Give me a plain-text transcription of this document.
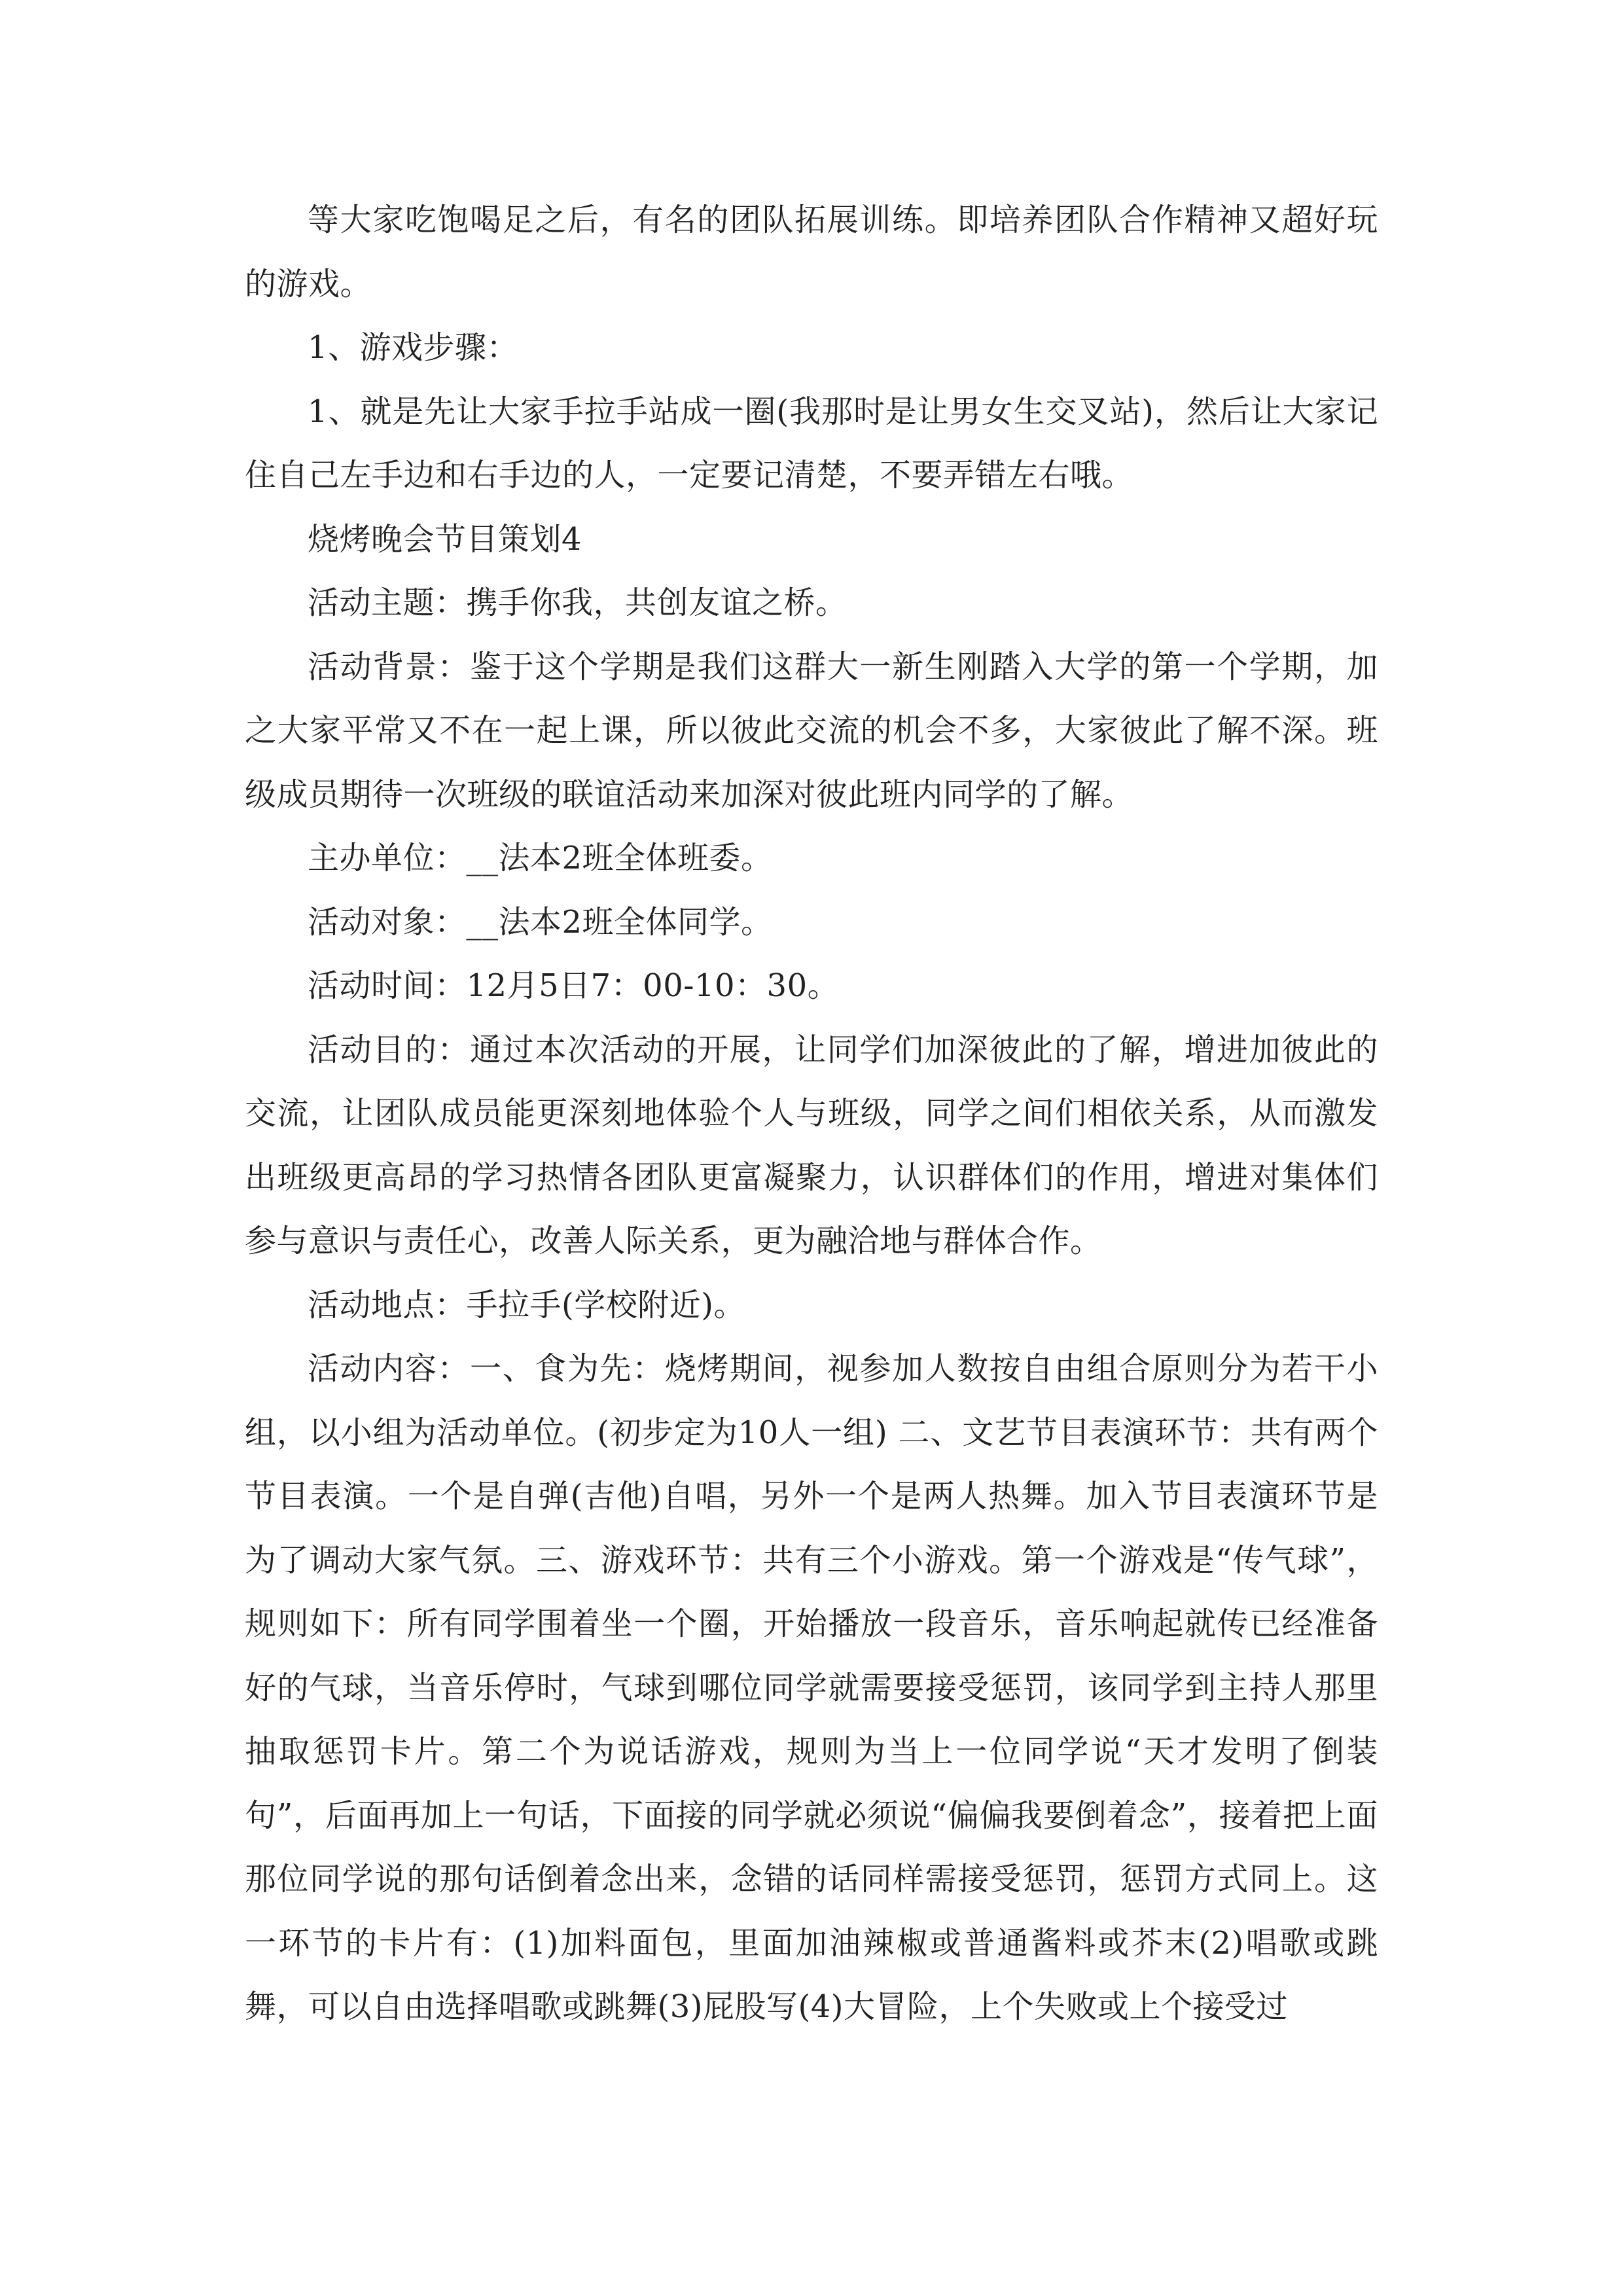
等大家吃饱喝足之后，有名的团队拓展训练。即培养团队合作精神又超好玩的游戏。

1、游戏步骤：

1、就是先让大家手拉手站成一圈(我那时是让男女生交叉站)，然后让大家记住自己左手边和右手边的人，一定要记清楚，不要弄错左右哦。

烧烤晚会节目策划4

活动主题：携手你我，共创友谊之桥。

活动背景：鉴于这个学期是我们这群大一新生刚踏入大学的第一个学期，加之大家平常又不在一起上课，所以彼此交流的机会不多，大家彼此了解不深。班级成员期待一次班级的联谊活动来加深对彼此班内同学的了解。

主办单位：__法本2班全体班委。

活动对象：__法本2班全体同学。

活动时间：12月5日7：00-10：30。

活动目的：通过本次活动的开展，让同学们加深彼此的了解，增进加彼此的交流，让团队成员能更深刻地体验个人与班级，同学之间们相依关系，从而激发出班级更高昂的学习热情各团队更富凝聚力，认识群体们的作用，增进对集体们参与意识与责任心，改善人际关系，更为融洽地与群体合作。

活动地点：手拉手(学校附近)。

活动内容：一、食为先：烧烤期间，视参加人数按自由组合原则分为若干小组，以小组为活动单位。(初步定为10人一组) 二、文艺节目表演环节：共有两个节目表演。一个是自弹(吉他)自唱，另外一个是两人热舞。加入节目表演环节是为了调动大家气氛。三、游戏环节：共有三个小游戏。第一个游戏是“传气球”，规则如下：所有同学围着坐一个圈，开始播放一段音乐，音乐响起就传已经准备好的气球，当音乐停时，气球到哪位同学就需要接受惩罚，该同学到主持人那里抽取惩罚卡片。第二个为说话游戏，规则为当上一位同学说“天才发明了倒装句”，后面再加上一句话，下面接的同学就必须说“偏偏我要倒着念”，接着把上面那位同学说的那句话倒着念出来，念错的话同样需接受惩罚，惩罚方式同上。这一环节的卡片有：(1)加料面包，里面加油辣椒或普通酱料或芥末(2)唱歌或跳舞，可以自由选择唱歌或跳舞(3)屁股写(4)大冒险，上个失败或上个接受过
